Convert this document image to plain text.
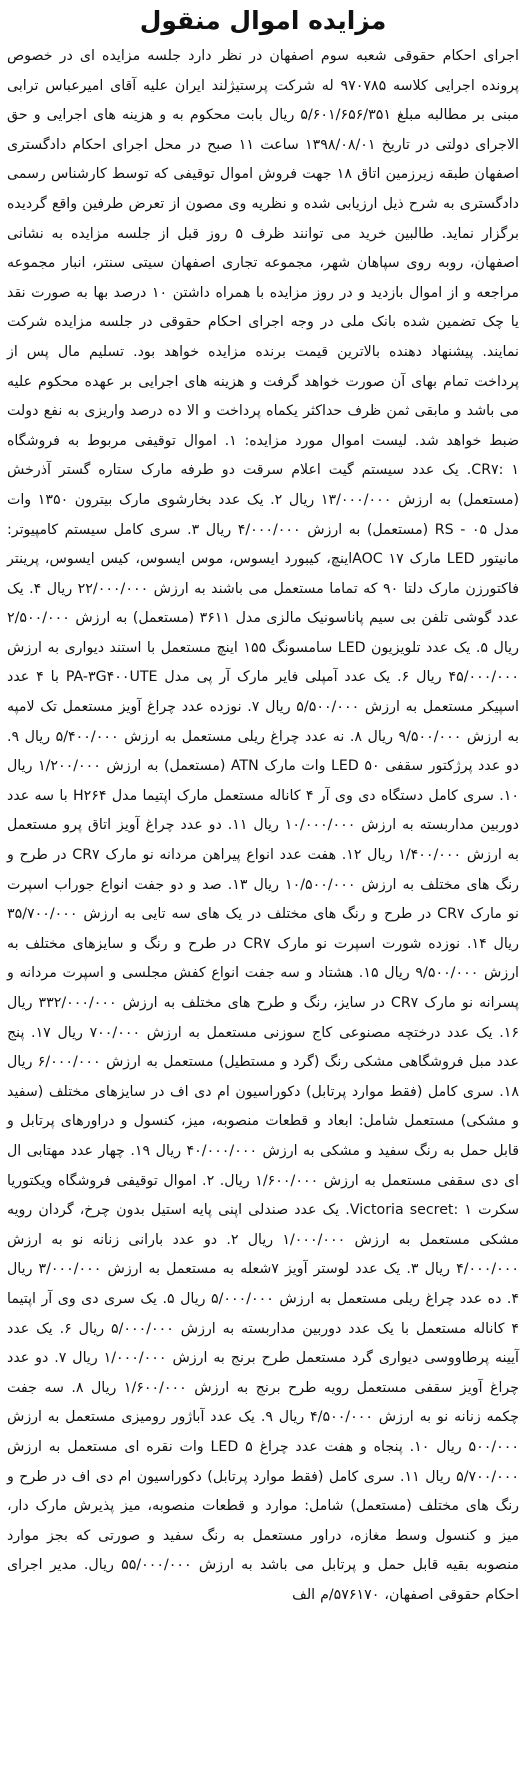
مزایده اموال منقول

اجرای احکام حقوقی شعبه سوم اصفهان در نظر دارد جلسه مزایده ای در خصوص پرونده اجرایی کلاسه ۹۷۰۷۸۵ له شرکت پرستیژلند ایران علیه آقای امیرعباس ترابی مبنی بر مطالبه مبلغ ۵/۶۰۱/۶۵۶/۳۵۱ ریال بابت محکوم به و هزینه های اجرایی و حق الاجرای دولتی در تاریخ ۱۳۹۸/۰۸/۰۱ ساعت ۱۱ صبح در محل اجرای احکام دادگستری اصفهان طبقه زیرزمین اتاق ۱۸ جهت فروش اموال توقیفی که توسط کارشناس رسمی دادگستری به شرح ذیل ارزیابی شده و نظریه وی مصون از تعرض طرفین واقع گردیده برگزار نماید. طالبین خرید می توانند ظرف ۵ روز قبل از جلسه مزایده به نشانی اصفهان، روبه روی سپاهان شهر، مجموعه تجاری اصفهان سیتی سنتر، انبار مجموعه مراجعه و از اموال بازدید و در روز مزایده با همراه داشتن ۱۰ درصد بها به صورت نقد یا چک تضمین شده بانک ملی در وجه اجرای احکام حقوقی در جلسه مزایده شرکت نمایند. پیشنهاد دهنده بالاترین قیمت برنده مزایده خواهد بود. تسلیم مال پس از پرداخت تمام بهای آن صورت خواهد گرفت و هزینه های اجرایی بر عهده محکوم علیه می باشد و مابقی ثمن ظرف حداکثر یکماه پرداخت و الا ده درصد واریزی به نفع دولت ضبط خواهد شد. لیست اموال مورد مزایده: ۱. اموال توقیفی مربوط به فروشگاه CR۷: ۱. یک عدد سیستم گیت اعلام سرقت دو طرفه مارک ستاره گستر آذرخش (مستعمل) به ارزش ۱۳/۰۰۰/۰۰۰ ریال ۲. یک عدد بخارشوی مارک بیترون ۱۳۵۰ وات مدل RS - ۰۵ (مستعمل) به ارزش ۴/۰۰۰/۰۰۰ ریال ۳. سری کامل سیستم کامپیوتر: مانیتور LED مارک AOC ۱۷اینچ، کیبورد ایسوس، موس ایسوس، کیس ایسوس، پرینتر فاکتورزن مارک دلتا ۹۰ که تماما مستعمل می باشند به ارزش ۲۲/۰۰۰/۰۰۰ ریال ۴. یک عدد گوشی تلفن بی سیم پاناسونیک مالزی مدل ۳۶۱۱ (مستعمل) به ارزش ۲/۵۰۰/۰۰۰ ریال ۵. یک عدد تلویزیون LED سامسونگ ۱۵۵ اینچ مستعمل با استند دیواری به ارزش ۴۵/۰۰۰/۰۰۰ ریال ۶. یک عدد آمپلی فایر مارک آر پی مدل PA-۳G۴۰۰UTE با ۴ عدد اسپیکر مستعمل به ارزش ۵/۵۰۰/۰۰۰ ریال ۷. نوزده عدد چراغ آویز مستعمل تک لامپه به ارزش ۹/۵۰۰/۰۰۰ ریال ۸. نه عدد چراغ ریلی مستعمل به ارزش ۵/۴۰۰/۰۰۰ ریال ۹. دو عدد پرژکتور سقفی LED ۵۰ وات مارک ATN (مستعمل) به ارزش ۱/۲۰۰/۰۰۰ ریال ۱۰. سری کامل دستگاه دی وی آر ۴ کاناله مستعمل مارک اپتیما مدل H۲۶۴ با سه عدد دوربین مداربسته به ارزش ۱۰/۰۰۰/۰۰۰ ریال ۱۱. دو عدد چراغ آویز اتاق پرو مستعمل به ارزش ۱/۴۰۰/۰۰۰ ریال ۱۲. هفت عدد انواع پیراهن مردانه نو مارک CR۷ در طرح و رنگ های مختلف به ارزش ۱۰/۵۰۰/۰۰۰ ریال ۱۳. صد و دو جفت انواع جوراب اسپرت نو مارک CR۷ در طرح و رنگ های مختلف در یک های سه تایی به ارزش ۳۵/۷۰۰/۰۰۰ ریال ۱۴. نوزده شورت اسپرت نو مارک CR۷ در طرح و رنگ و سایزهای مختلف به ارزش ۹/۵۰۰/۰۰۰ ریال ۱۵. هشتاد و سه جفت انواع کفش مجلسی و اسپرت مردانه و پسرانه نو مارک CR۷ در سایز، رنگ و طرح های مختلف به ارزش ۳۳۲/۰۰۰/۰۰۰ ریال ۱۶. یک عدد درختچه مصنوعی کاج سوزنی مستعمل به ارزش ۷۰۰/۰۰۰ ریال ۱۷. پنج عدد مبل فروشگاهی مشکی رنگ (گرد و مستطیل) مستعمل به ارزش ۶/۰۰۰/۰۰۰ ریال ۱۸. سری کامل (فقط موارد پرتابل) دکوراسیون ام دی اف در سایزهای مختلف (سفید و مشکی) مستعمل شامل: ابعاد و قطعات منصوبه، میز، کنسول و دراورهای پرتابل و قابل حمل به رنگ سفید و مشکی به ارزش ۴۰/۰۰۰/۰۰۰ ریال ۱۹. چهار عدد مهتابی ال ای دی سقفی مستعمل به ارزش ۱/۶۰۰/۰۰۰ ریال. ۲. اموال توقیفی فروشگاه ویکتوریا سکرت Victoria secret: ۱. یک عدد صندلی اپنی پایه استیل بدون چرخ، گردان رویه مشکی مستعمل به ارزش ۱/۰۰۰/۰۰۰ ریال ۲. دو عدد بارانی زنانه نو به ارزش ۴/۰۰۰/۰۰۰ ریال ۳. یک عدد لوستر آویز ۷شعله به مستعمل به ارزش ۳/۰۰۰/۰۰۰ ریال ۴. ده عدد چراغ ریلی مستعمل به ارزش ۵/۰۰۰/۰۰۰ ریال ۵. یک سری دی وی آر اپتیما ۴ کاناله مستعمل با یک عدد دوربین مداربسته به ارزش ۵/۰۰۰/۰۰۰ ریال ۶. یک عدد آیینه پرطاووسی دیواری گرد مستعمل طرح برنج به ارزش ۱/۰۰۰/۰۰۰ ریال ۷. دو عدد چراغ آویز سقفی مستعمل رویه طرح برنج به ارزش ۱/۶۰۰/۰۰۰ ریال ۸. سه جفت چکمه زنانه نو به ارزش ۴/۵۰۰/۰۰۰ ریال ۹. یک عدد آباژور رومیزی مستعمل به ارزش ۵۰۰/۰۰۰ ریال ۱۰. پنجاه و هفت عدد چراغ LED ۵ وات نقره ای مستعمل به ارزش ۵/۷۰۰/۰۰۰ ریال ۱۱. سری کامل (فقط موارد پرتابل) دکوراسیون ام دی اف در طرح و رنگ های مختلف (مستعمل) شامل: موارد و قطعات منصوبه، میز پذیرش مارک دار، میز و کنسول وسط مغازه، دراور مستعمل به رنگ سفید و صورتی که بجز موارد منصوبه بقیه قابل حمل و پرتابل می باشد به ارزش ۵۵/۰۰۰/۰۰۰ ریال. مدیر اجرای احکام حقوقی اصفهان، ۵۷۶۱۷۰/م الف
